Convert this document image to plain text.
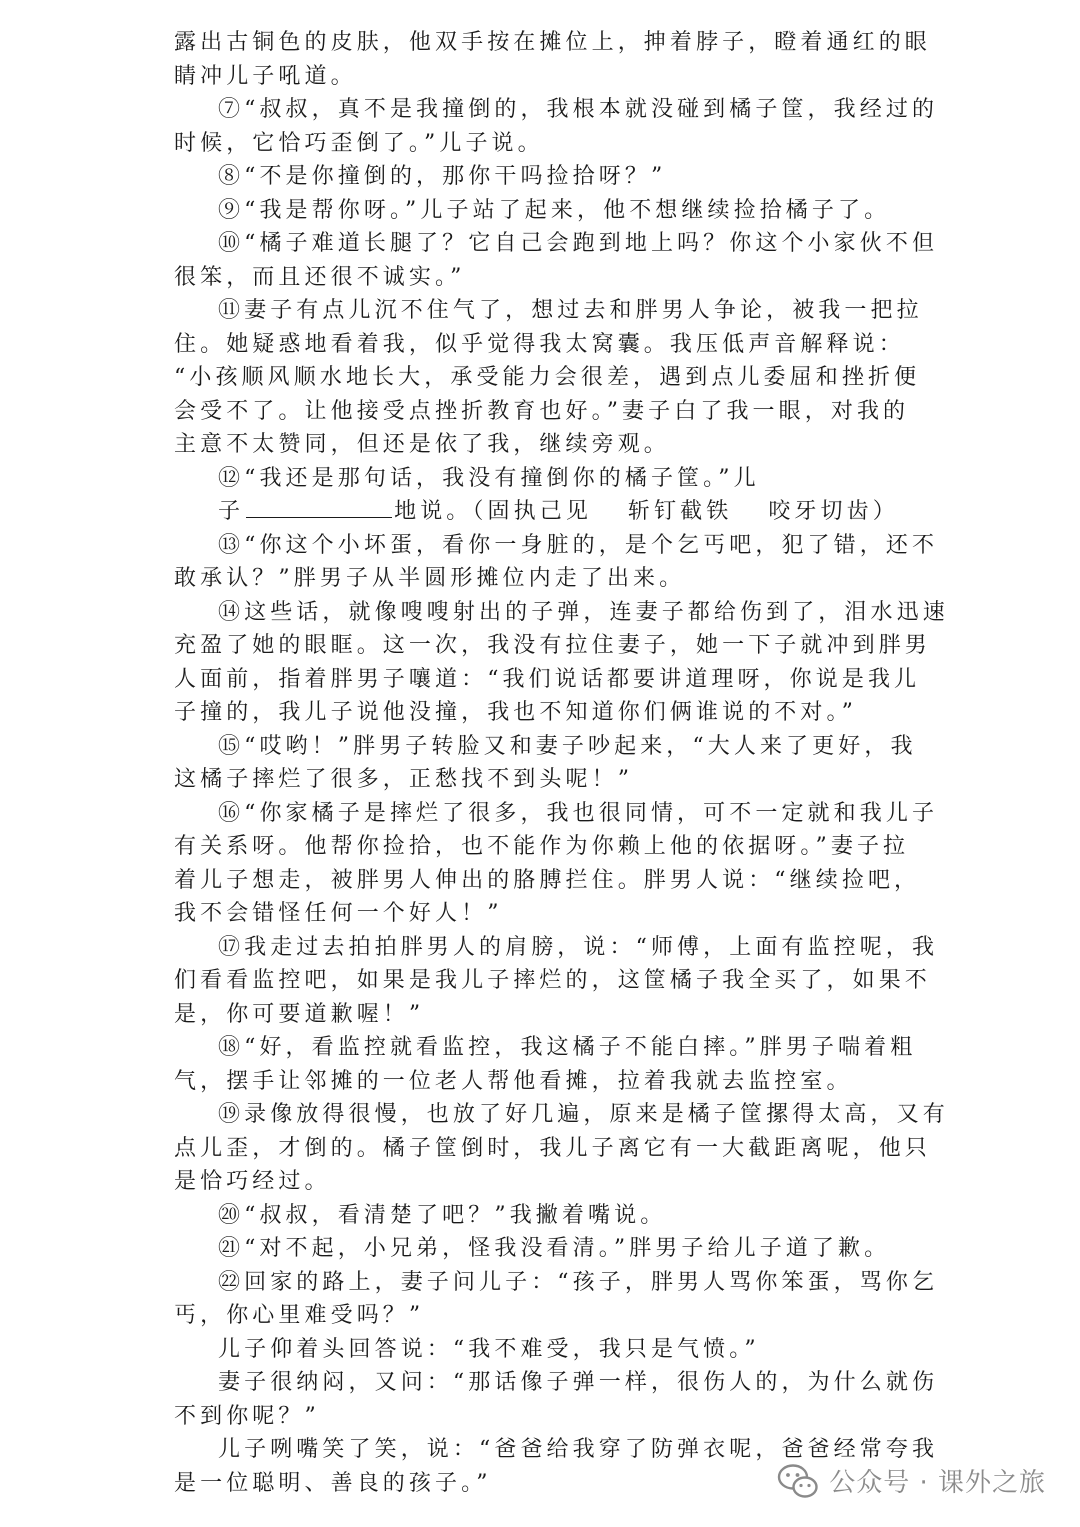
露出古铜色的皮肤，他双手按在摊位上，抻着脖子，瞪着通红的眼
睛冲儿子吼道。
⑦“叔叔，真不是我撞倒的，我根本就没碰到橘子筐，我经过的
时候，它恰巧歪倒了。”儿子说。
⑧“不是你撞倒的，那你干吗捡拾呀？”
⑨“我是帮你呀。”儿子站了起来，他不想继续捡拾橘子了。
⑩“橘子难道长腿了？它自己会跑到地上吗？你这个小家伙不但
很笨，而且还很不诚实。”
⑪妻子有点儿沉不住气了，想过去和胖男人争论，被我一把拉
住。她疑惑地看着我，似乎觉得我太窝囊。我压低声音解释说：
“小孩顺风顺水地长大，承受能力会很差，遇到点儿委屈和挫折便
会受不了。让他接受点挫折教育也好。”妻子白了我一眼，对我的
主意不太赞同，但还是依了我，继续旁观。
⑫“我还是那句话，我没有撞倒你的橘子筐。”儿
子	地说。（固执己见 斩钉截铁 咬牙切齿）
⑬“你这个小坏蛋，看你一身脏的，是个乞丐吧，犯了错，还不
敢承认？”胖男子从半圆形摊位内走了出来。
⑭这些话，就像嗖嗖射出的子弹，连妻子都给伤到了，泪水迅速
充盈了她的眼眶。这一次，我没有拉住妻子，她一下子就冲到胖男
人面前，指着胖男子嚷道：“我们说话都要讲道理呀，你说是我儿
子撞的，我儿子说他没撞，我也不知道你们俩谁说的不对。”
⑮“哎哟！”胖男子转脸又和妻子吵起来，“大人来了更好，我
这橘子摔烂了很多，正愁找不到头呢！”
⑯“你家橘子是摔烂了很多，我也很同情，可不一定就和我儿子
有关系呀。他帮你捡拾，也不能作为你赖上他的依据呀。”妻子拉
着儿子想走，被胖男人伸出的胳膊拦住。胖男人说：“继续捡吧，
我不会错怪任何一个好人！”
⑰我走过去拍拍胖男人的肩膀，说：“师傅，上面有监控呢，我
们看看监控吧，如果是我儿子摔烂的，这筐橘子我全买了，如果不
是，你可要道歉喔！”
⑱“好，看监控就看监控，我这橘子不能白摔。”胖男子喘着粗
气，摆手让邻摊的一位老人帮他看摊，拉着我就去监控室。
⑲录像放得很慢，也放了好几遍，原来是橘子筐摞得太高，又有
点儿歪，才倒的。橘子筐倒时，我儿子离它有一大截距离呢，他只
是恰巧经过。
⑳“叔叔，看清楚了吧？”我撇着嘴说。
㉑“对不起，小兄弟，怪我没看清。”胖男子给儿子道了歉。
㉒回家的路上，妻子问儿子：“孩子，胖男人骂你笨蛋，骂你乞
丐，你心里难受吗？”
儿子仰着头回答说：“我不难受，我只是气愤。”
妻子很纳闷，又问：“那话像子弹一样，很伤人的，为什么就伤
不到你呢？”
儿子咧嘴笑了笑，说：“爸爸给我穿了防弹衣呢，爸爸经常夸我
是一位聪明、善良的孩子。”	公众号 · 课外之旅
